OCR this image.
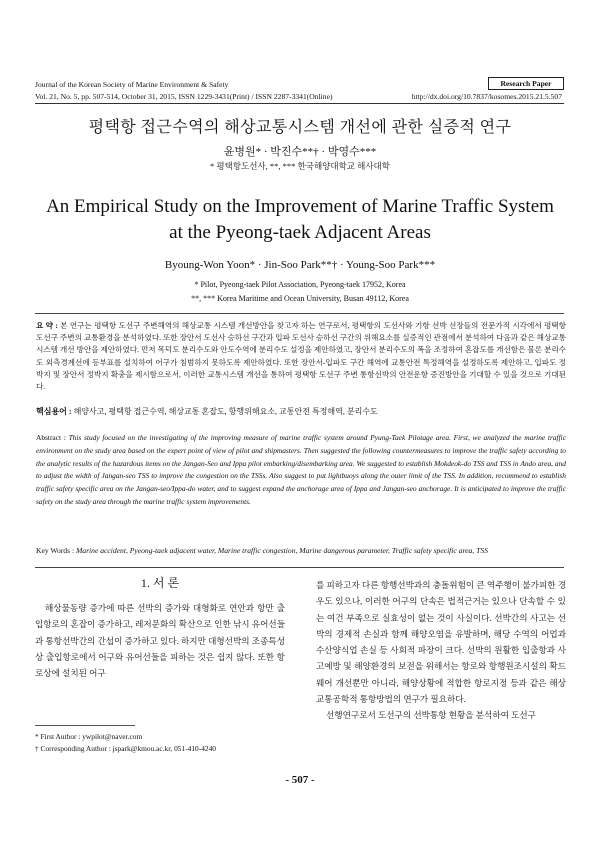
Journal of the Korean Society of Marine Environment & Safety	Research Paper
Vol. 21, No. 5, pp. 507-514, October 31, 2015, ISSN 1229-3431(Print) / ISSN 2287-3341(Online)	http://dx.doi.org/10.7837/kosomes.2015.21.5.507
평택항 접근수역의 해상교통시스템 개선에 관한 실증적 연구
윤병원* · 박진수**† · 박영수***
* 평택항도선사, **, *** 한국해양대학교 해사대학
An Empirical Study on the Improvement of Marine Traffic System
at the Pyeong-taek Adjacent Areas
Byoung-Won Yoon* · Jin-Soo Park**† · Young-Soo Park***
* Pilot, Pyeong-taek Pilot Association, Pyeong-taek 17952, Korea
**, *** Korea Maritime and Ocean University, Busan 49112, Korea
요 약 : 본 연구는 평택항 도선구 주변해역의 해상교통 시스템 개선방안을 찾고자 하는 연구로서, 평택항의 도선사와 기항 선박 선장들의 전문가적 시각에서 평택항 도선구 주변의 교통환경을 분석하였다. 또한 장안서 도선사 승하선 구간과 입파 도선사 승하선 구간의 위해요소를 실증적인 관점에서 분석하여 다음과 같은 해상교통시스템 개선 방안을 제안하였다. 먼저 목덕도 분리수도와 안도수역에 분리수도 설정을 제안하였고, 장안서 분리수도의 폭을 조정하여 혼잡도를 개선함은 물론 분리수도 외측경계선에 등부표를 설치하여 어구가 침범하지 못하도록 제안하였다. 또한 장안서-입파도 구간 해역에 교통안전 특정해역을 설정하도록 제안하고, 입파도 정박지 및 장안서 정박지 확충을 제시함으로서, 이러한 교통시스템 개선을 통하여 평택항 도선구 주변 통항선박의 안전운항 증진방안을 기대할 수 있을 것으로 기대된다.
핵심용어 : 해양사고, 평택항 접근수역, 해상교통 혼잡도, 항행위해요소, 교통안전 특정해역, 분리수도
Abstract : This study focused on the investigating of the improving measure of marine traffic system around Pyung-Taek Pilotage area. First, we analyzed the marine traffic environment on the study area based on the expert point of view of pilot and shipmasters. Then suggested the following countermeasures to improve the traffic safety according to the analytic results of the hazardous items on the Jangan-Seo and Ippa pilot embarking/disembarking area. We suggested to establish Mokdeok-do TSS and TSS in Ando area, and to adjust the width of Jangan-seo TSS to improve the congestion on the TSSs. Also suggest to put lightbuoys along the outer limit of the TSS. In addition, recommend to establish traffic safety specific area on the Jangan-seo/Ippa-do water, and to suggest expand the anchorage area of Ippa and Jangan-seo anchorage. It is anticipated to improve the traffic safety on the study area through the marine traffic system improvements.
Key Words : Marine accident, Pyeong-taek adjacent water, Marine traffic congestion, Marine dangerous parameter, Traffic safety specific area, TSS
1. 서 론

해상물동량 증가에 따른 선박의 증가와 대형화로 연안과 항만 출입항로의 혼잡이 증가하고, 레저문화의 확산으로 인한 낚시 유어선들과 통항선박간의 간섭이 증가하고 있다. 하지만 대형선박의 조종특성상 출입항로에서 어구와 유어선들을 피하는 것은 쉽지 않다. 또한 항로상에 설치된 어구

를 피하고자 다른 항행선박과의 충돌위험이 큰 역주행이 불가피한 경우도 있으나, 이러한 어구의 단속은 법적근거는 있으나 단속할 수 있는 여건 부족으로 실효성이 없는 것이 사실이다. 선박간의 사고는 선박의 경제적 손실과 함께 해양오염을 유발하며, 해당 수역의 어업과 수산양식업 손실 등 사회적 파장이 크다. 선박의 원활한 입출항과 사고예방 및 해양환경의 보전을 위해서는 항로와 항행원조시설의 확드웨어 개선뿐만 아니라, 해양상황에 적합한 항로지정 등과 같은 해상교통공학적 통항방법의 연구가 필요하다.

선행연구로서 도선구의 선박통항 현황을 분석하여 도선구

* First Author : ywpilot@naver.com
† Corresponding Author : jspark@kmou.ac.kr, 051-410-4240
- 507 -
